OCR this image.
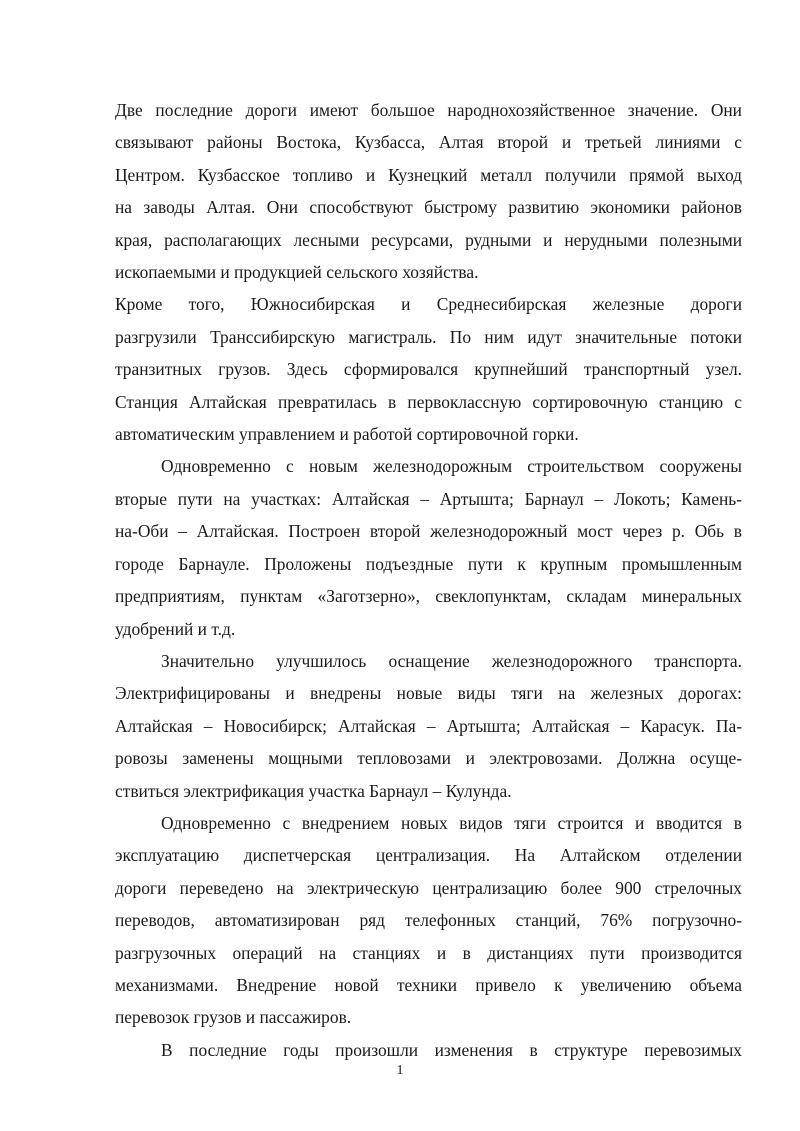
Две последние дороги имеют большое народнохозяйственное значение. Они
связывают районы Востока, Кузбасса, Алтая второй и третьей линиями с
Центром. Кузбасское топливо и Кузнецкий металл получили прямой выход
на заводы Алтая. Они способствуют быстрому развитию экономики районов
края, располагающих лесными ресурсами, рудными и нерудными полезными
ископаемыми и продукцией сельского хозяйства.
Кроме того, Южносибирская и Среднесибирская железные дороги
разгрузили Транссибирскую магистраль. По ним идут значительные потоки
транзитных грузов. Здесь сформировался крупнейший транспортный узел.
Станция Алтайская превратилась в первоклассную сортировочную станцию с
автоматическим управлением и работой сортировочной горки.
Одновременно с новым железнодорожным строительством сооружены
вторые пути на участках: Алтайская – Артышта; Барнаул – Локоть; Камень-
на-Оби – Алтайская. Построен второй железнодорожный мост через р. Обь в
городе Барнауле. Проложены подъездные пути к крупным промышленным
предприятиям, пунктам «Заготзерно», свеклопунктам, складам минеральных
удобрений и т.д.
Значительно улучшилось оснащение железнодорожного транспорта.
Электрифицированы и внедрены новые виды тяги на железных дорогах:
Алтайская – Новосибирск; Алтайская – Артышта; Алтайская – Карасук. Па-
ровозы заменены мощными тепловозами и электровозами. Должна осуще-
ствиться электрификация участка Барнаул – Кулунда.
Одновременно с внедрением новых видов тяги строится и вводится в
эксплуатацию диспетчерская централизация. На Алтайском отделении
дороги переведено на электрическую централизацию более 900 стрелочных
переводов, автоматизирован ряд телефонных станций, 76% погрузочно-
разгрузочных операций на станциях и в дистанциях пути производится
механизмами. Внедрение новой техники привело к увеличению объема
перевозок грузов и пассажиров.
В последние годы произошли изменения в структуре перевозимых
1
